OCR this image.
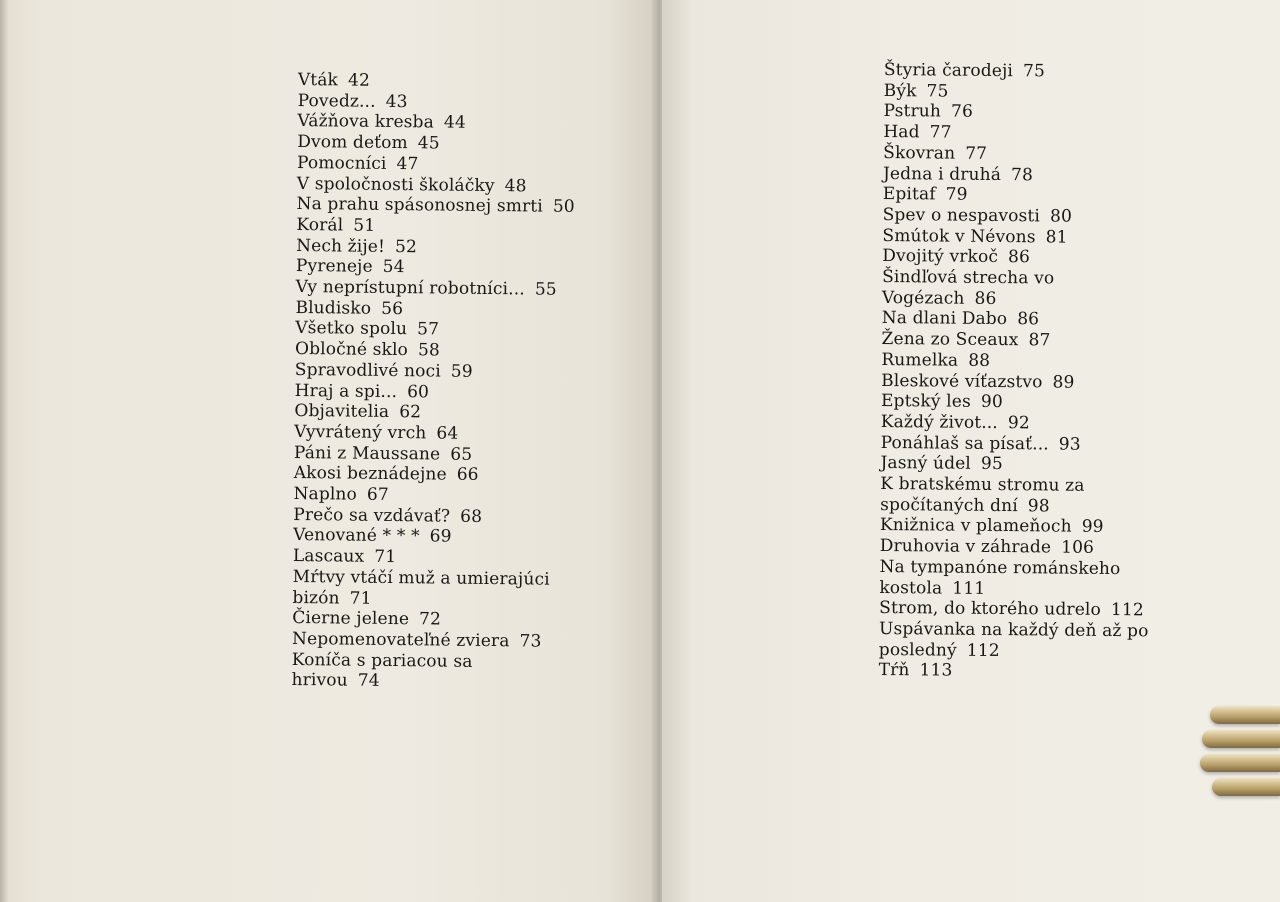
Vták 42
Povedz... 43
Vážňova kresba 44
Dvom deťom 45
Pomocníci 47
V spoločnosti školáčky 48
Na prahu spásonosnej smrti 50
Korál 51
Nech žije! 52
Pyreneje 54
Vy neprístupní robotníci... 55
Bludisko 56
Všetko spolu 57
Obločné sklo 58
Spravodlivé noci 59
Hraj a spi... 60
Objavitelia 62
Vyvrátený vrch 64
Páni z Maussane 65
Akosi beznádejne 66
Naplno 67
Prečo sa vzdávať? 68
Venované * * * 69
Lascaux 71
Mŕtvy vtáčí muž a umierajúci
bizón 71
Čierne jelene 72
Nepomenovateľné zviera 73
Koníča s pariacou sa
hrivou 74
Štyria čarodeji 75
Býk 75
Pstruh 76
Had 77
Škovran 77
Jedna i druhá 78
Epitaf 79
Spev o nespavosti 80
Smútok v Névons 81
Dvojitý vrkoč 86
Šindľová strecha vo
Vogézach 86
Na dlani Dabo 86
Žena zo Sceaux 87
Rumelka 88
Bleskové víťazstvo 89
Eptský les 90
Každý život... 92
Ponáhlaš sa písať... 93
Jasný údel 95
K bratskému stromu za
spočítaných dní 98
Knižnica v plameňoch 99
Druhovia v záhrade 106
Na tympanóne románskeho
kostola 111
Strom, do ktorého udrelo 112
Uspávanka na každý deň až po
posledný 112
Tŕň 113
